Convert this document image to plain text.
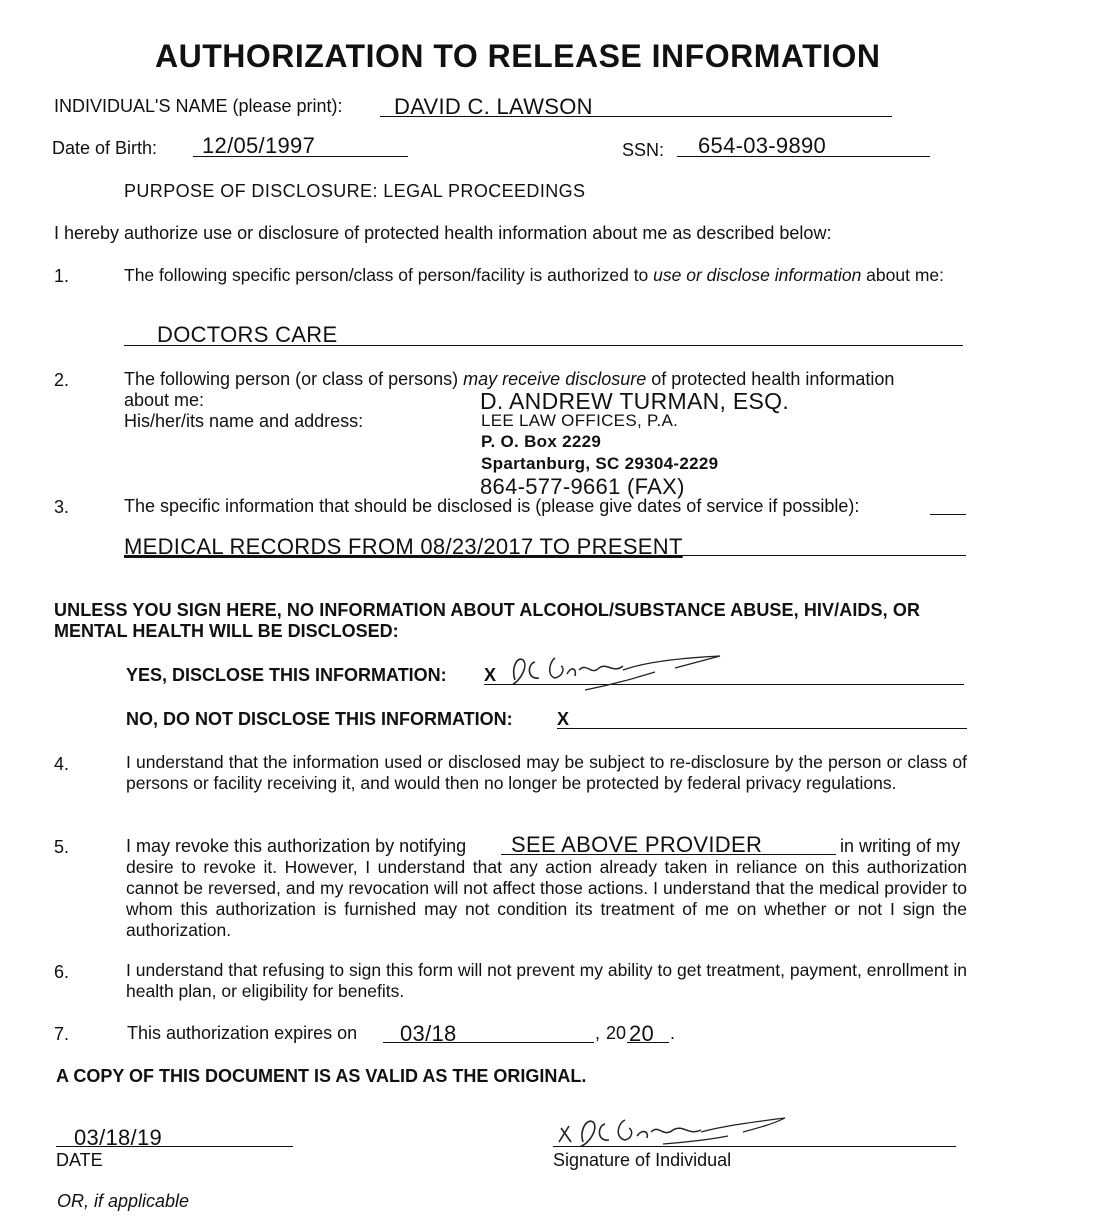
AUTHORIZATION TO RELEASE INFORMATION
INDIVIDUAL'S NAME (please print): DAVID C. LAWSON
Date of Birth: 12/05/1997	SSN: 654-03-9890
PURPOSE OF DISCLOSURE: LEGAL PROCEEDINGS
I hereby authorize use or disclosure of protected health information about me as described below:
1.	The following specific person/class of person/facility is authorized to use or disclose information about me:
DOCTORS CARE
2.	The following person (or class of persons) may receive disclosure of protected health information
about me:
His/her/its name and address:
D. ANDREW TURMAN, ESQ.
LEE LAW OFFICES, P.A.
P. O. Box 2229
Spartanburg, SC 29304-2229
864-577-9661 (FAX)
3.	The specific information that should be disclosed is (please give dates of service if possible):
MEDICAL RECORDS FROM 08/23/2017 TO PRESENT
UNLESS YOU SIGN HERE, NO INFORMATION ABOUT ALCOHOL/SUBSTANCE ABUSE, HIV/AIDS, OR
MENTAL HEALTH WILL BE DISCLOSED:
YES, DISCLOSE THIS INFORMATION: X
NO, DO NOT DISCLOSE THIS INFORMATION: X
4.	I understand that the information used or disclosed may be subject to re-disclosure by the person or class of persons or facility receiving it, and would then no longer be protected by federal privacy regulations.
5.	I may revoke this authorization by notifying SEE ABOVE PROVIDER	in writing of my
desire to revoke it. However, I understand that any action already taken in reliance on this authorization cannot be reversed, and my revocation will not affect those actions. I understand that the medical provider to whom this authorization is furnished may not condition its treatment of me on whether or not I sign the authorization.
6.	I understand that refusing to sign this form will not prevent my ability to get treatment, payment, enrollment in health plan, or eligibility for benefits.
7.	This authorization expires on 03/18	, 20 20 .
A COPY OF THIS DOCUMENT IS AS VALID AS THE ORIGINAL.
03/18/19
DATE	Signature of Individual
OR, if applicable
